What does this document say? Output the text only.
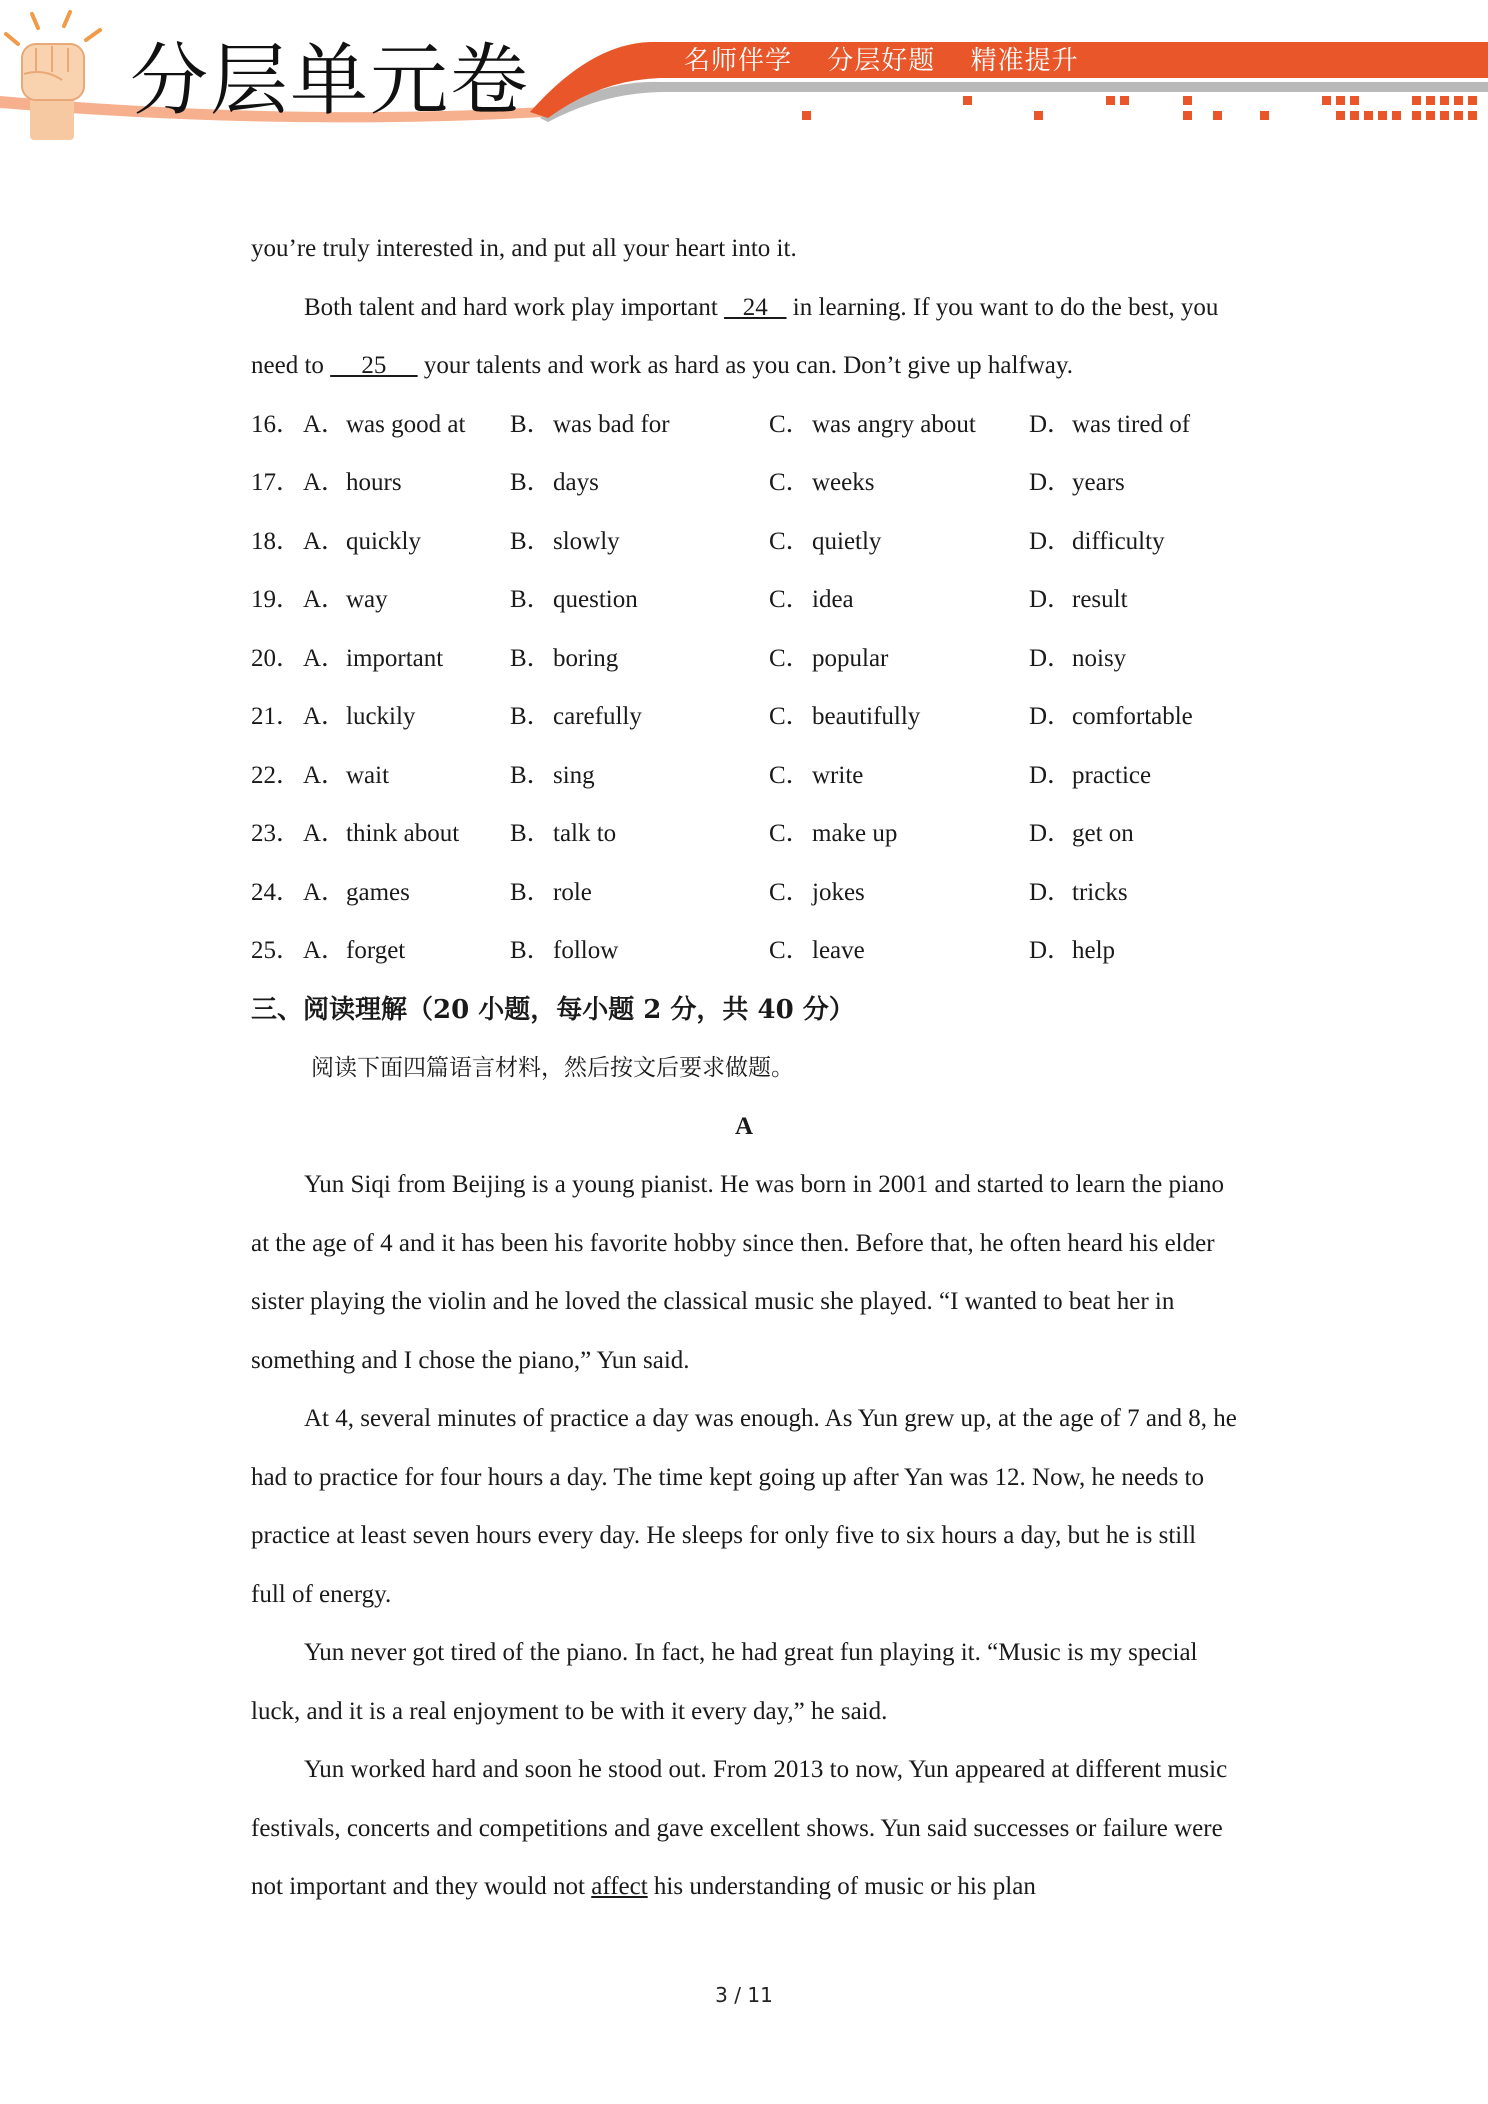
分层单元卷	名师伴学 分层好题 精准提升

you’re truly interested in, and put all your heart into it.

Both talent and hard work play important    24    in learning. If you want to do the best, you need to      25      your talents and work as hard as you can. Don’t give up halfway.

16． A． was good at B． was bad for	C． was angry about D． was tired of
17． A． hours	B． days	C． weeks	D． years
18． A． quickly	B． slowly	C． quietly	D． difficulty
19． A． way	B． question	C． idea	D． result
20． A． important	B． boring	C． popular	D． noisy
21． A． luckily	B． carefully	C． beautifully	D． comfortable
22． A． wait	B． sing	C． write	D． practice
23． A． think about B． talk to	C． make up	D． get on
24． A． games	B． role	C． jokes	D． tricks
25． A． forget	B． follow	C． leave	D． help
三、阅读理解（20 小题，每小题 2 分，共 40 分）

阅读下面四篇语言材料，然后按文后要求做题。

A

Yun Siqi from Beijing is a young pianist. He was born in 2001 and started to learn the piano at the age of 4 and it has been his favorite hobby since then. Before that, he often heard his elder sister playing the violin and he loved the classical music she played. “I wanted to beat her in something and I chose the piano,” Yun said.

At 4, several minutes of practice a day was enough. As Yun grew up, at the age of 7 and 8, he had to practice for four hours a day. The time kept going up after Yan was 12. Now, he needs to practice at least seven hours every day. He sleeps for only five to six hours a day, but he is still full of energy.

Yun never got tired of the piano. In fact, he had great fun playing it. “Music is my special luck, and it is a real enjoyment to be with it every day,” he said.

Yun worked hard and soon he stood out. From 2013 to now, Yun appeared at different music festivals, concerts and competitions and gave excellent shows. Yun said successes or failure were not important and they would not affect his understanding of music or his plan

3 / 11
